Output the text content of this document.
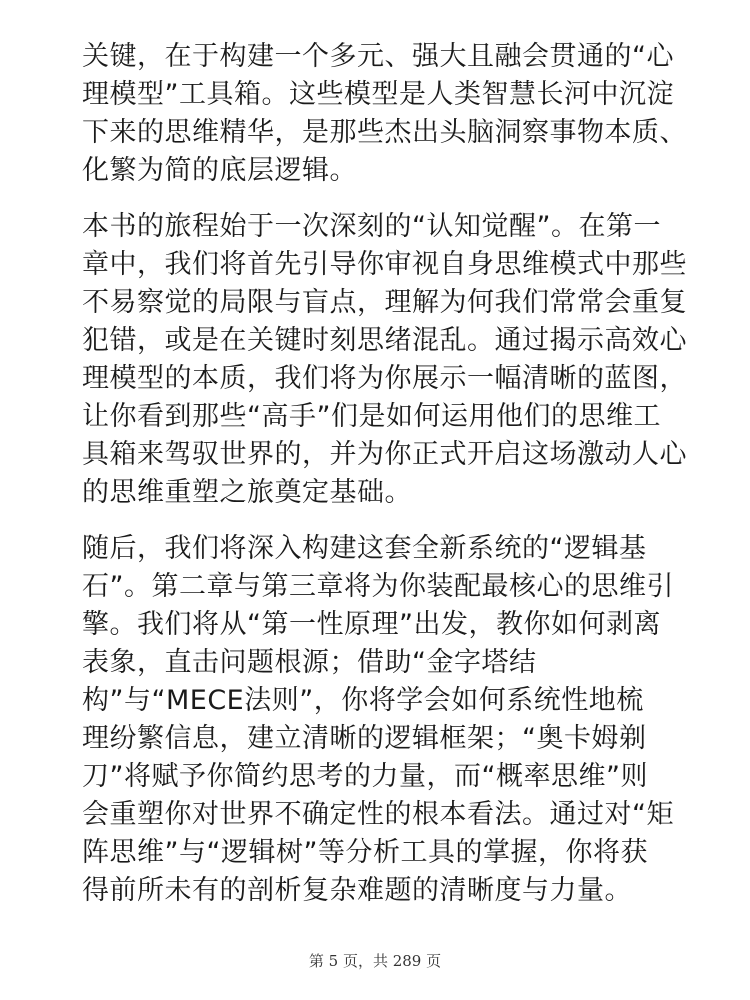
关键，在于构建一个多元、强大且融会贯通的“心
理模型”工具箱。这些模型是人类智慧长河中沉淀
下来的思维精华，是那些杰出头脑洞察事物本质、
化繁为简的底层逻辑。

本书的旅程始于一次深刻的“认知觉醒”。在第一
章中，我们将首先引导你审视自身思维模式中那些
不易察觉的局限与盲点，理解为何我们常常会重复
犯错，或是在关键时刻思绪混乱。通过揭示高效心
理模型的本质，我们将为你展示一幅清晰的蓝图，
让你看到那些“高手”们是如何运用他们的思维工
具箱来驾驭世界的，并为你正式开启这场激动人心
的思维重塑之旅奠定基础。

随后，我们将深入构建这套全新系统的“逻辑基
石”。第二章与第三章将为你装配最核心的思维引
擎。我们将从“第一性原理”出发，教你如何剥离
表象，直击问题根源；借助“金字塔结
构”与“MECE法则”，你将学会如何系统性地梳
理纷繁信息，建立清晰的逻辑框架；“奥卡姆剃
刀”将赋予你简约思考的力量，而“概率思维”则
会重塑你对世界不确定性的根本看法。通过对“矩
阵思维”与“逻辑树”等分析工具的掌握，你将获
得前所未有的剖析复杂难题的清晰度与力量。

第 5 页，共 289 页
